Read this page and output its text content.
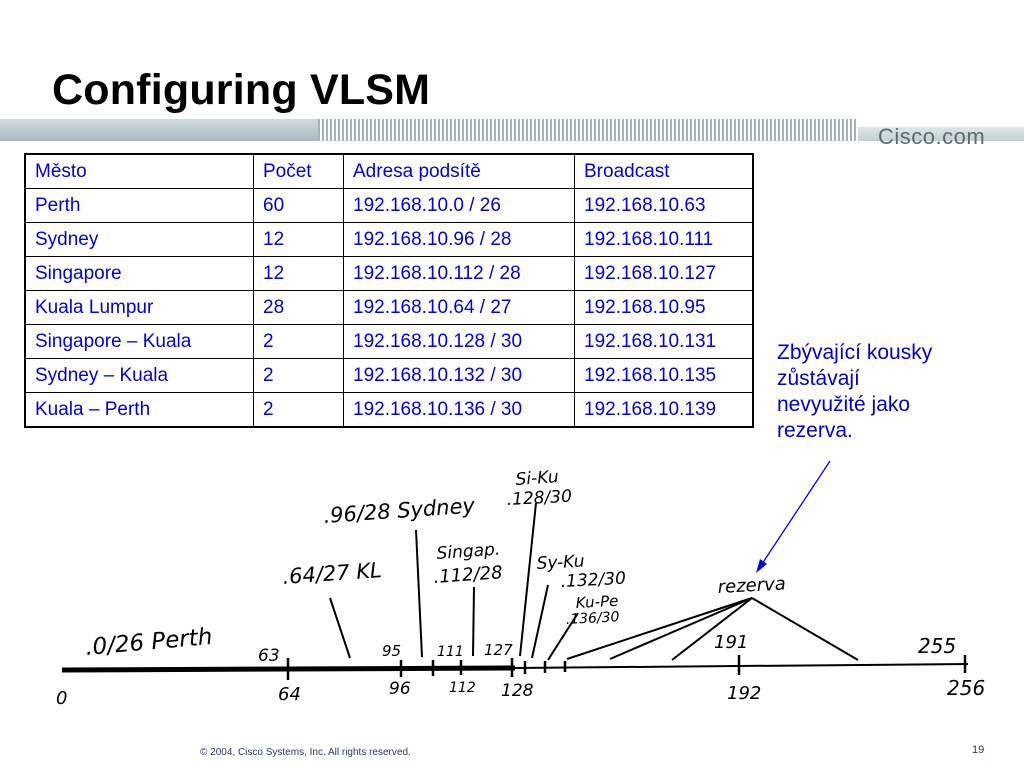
Configuring VLSM
Cisco.com
Město	Počet	Adresa podsítě	Broadcast
Perth	60	192.168.10.0 / 26	192.168.10.63
Sydney	12	192.168.10.96 / 28	192.168.10.111
Singapore	12	192.168.10.112 / 28	192.168.10.127
Kuala Lumpur	28	192.168.10.64 / 27	192.168.10.95
Singapore – Kuala	2	192.168.10.128 / 30	192.168.10.131
Sydney – Kuala	2	192.168.10.132 / 30	192.168.10.135
Kuala – Perth	2	192.168.10.136 / 30	192.168.10.139
Zbývající kousky
zůstávají
nevyužité jako
rezerva.
.0/26 Perth
.64/27 KL
.96/28 Sydney
Singap.
.112/28
Si-Ku
.128/30
Sy-Ku
.132/30
Ku-Pe
.136/30
rezerva
63	95	111 127	191	255
0	64	96	112 128	192	256
© 2004, Cisco Systems, Inc. All rights reserved.	19
